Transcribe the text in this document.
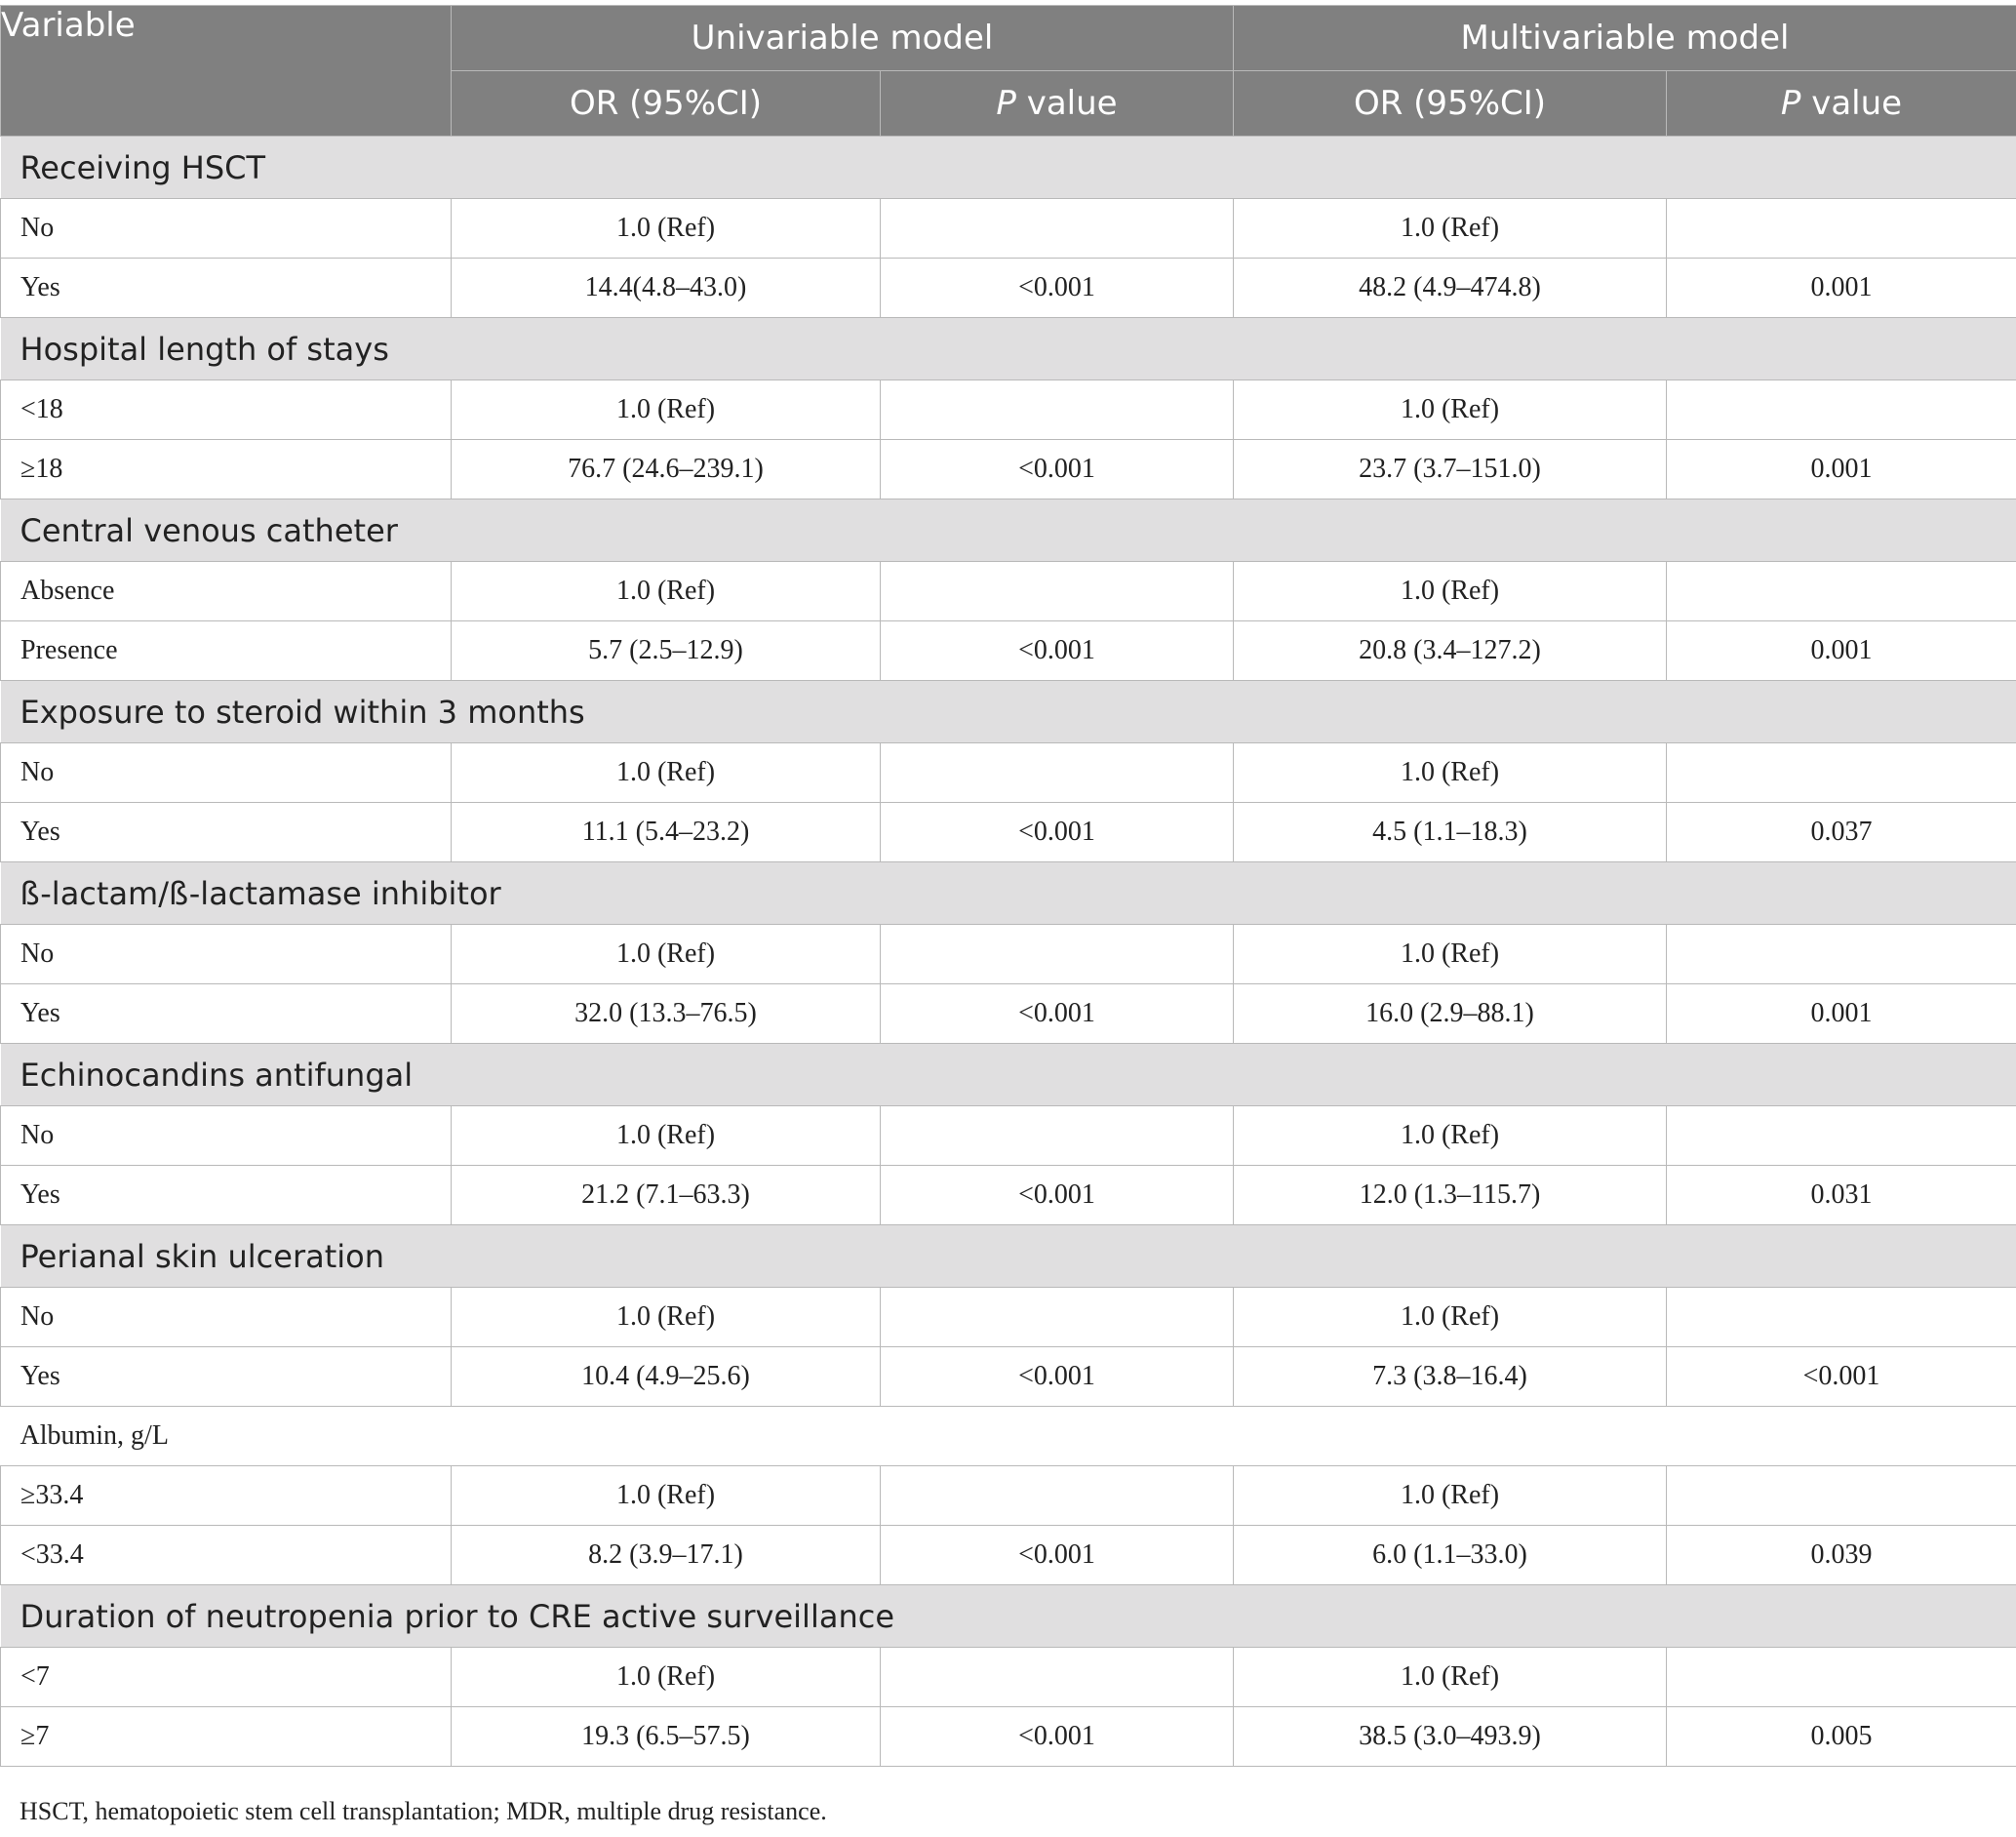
Variable	Univariable model		Multivariable model	
	OR (95%CI)	P value	OR (95%CI)	P value
Receiving HSCT				
No	1.0 (Ref)		1.0 (Ref)	
Yes	14.4(4.8–43.0)	<0.001	48.2 (4.9–474.8)	0.001
Hospital length of stays				
<18	1.0 (Ref)		1.0 (Ref)	
≥18	76.7 (24.6–239.1)	<0.001	23.7 (3.7–151.0)	0.001
Central venous catheter				
Absence	1.0 (Ref)		1.0 (Ref)	
Presence	5.7 (2.5–12.9)	<0.001	20.8 (3.4–127.2)	0.001
Exposure to steroid within 3 months				
No	1.0 (Ref)		1.0 (Ref)	
Yes	11.1 (5.4–23.2)	<0.001	4.5 (1.1–18.3)	0.037
ß-lactam/ß-lactamase inhibitor				
No	1.0 (Ref)		1.0 (Ref)	
Yes	32.0 (13.3–76.5)	<0.001	16.0 (2.9–88.1)	0.001
Echinocandins antifungal				
No	1.0 (Ref)		1.0 (Ref)	
Yes	21.2 (7.1–63.3)	<0.001	12.0 (1.3–115.7)	0.031
Perianal skin ulceration				
No	1.0 (Ref)		1.0 (Ref)	
Yes	10.4 (4.9–25.6)	<0.001	7.3 (3.8–16.4)	<0.001
Albumin, g/L				
≥33.4	1.0 (Ref)		1.0 (Ref)	
<33.4	8.2 (3.9–17.1)	<0.001	6.0 (1.1–33.0)	0.039
Duration of neutropenia prior to CRE active surveillance				
<7	1.0 (Ref)		1.0 (Ref)	
≥7	19.3 (6.5–57.5)	<0.001	38.5 (3.0–493.9)	0.005
HSCT, hematopoietic stem cell transplantation; MDR, multiple drug resistance.
